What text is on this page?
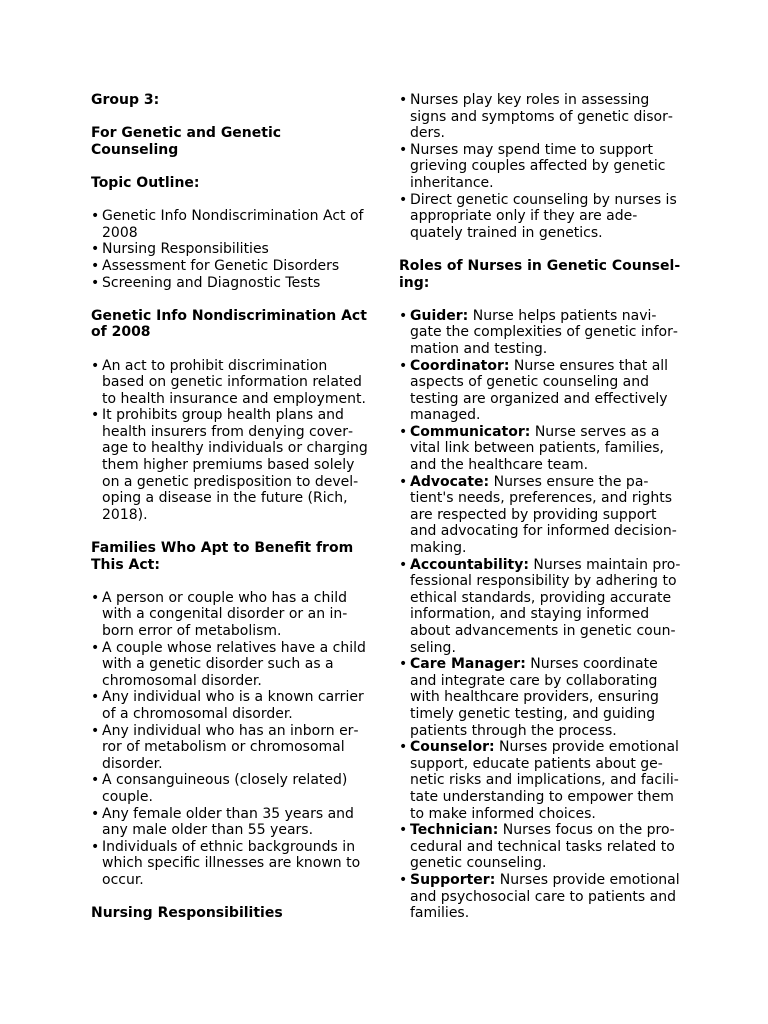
Group 3:
For Genetic and Genetic Counseling
Topic Outline:
• Genetic Info Nondiscrimination Act of 2008
• Nursing Responsibilities
• Assessment for Genetic Disorders
• Screening and Diagnostic Tests
Genetic Info Nondiscrimination Act of 2008
• An act to prohibit discrimination based on genetic information related to health insurance and employment.
• It prohibits group health plans and health insurers from denying coverage to healthy individuals or charging them higher premiums based solely on a genetic predisposition to developing a disease in the future (Rich, 2018).
Families Who Apt to Benefit from This Act:
• A person or couple who has a child with a congenital disorder or an inborn error of metabolism.
• A couple whose relatives have a child with a genetic disorder such as a chromosomal disorder.
• Any individual who is a known carrier of a chromosomal disorder.
• Any individual who has an inborn error of metabolism or chromosomal disorder.
• A consanguineous (closely related) couple.
• Any female older than 35 years and any male older than 55 years.
• Individuals of ethnic backgrounds in which specific illnesses are known to occur.
Nursing Responsibilities
• Nurses play key roles in assessing signs and symptoms of genetic disorders.
• Nurses may spend time to support grieving couples affected by genetic inheritance.
• Direct genetic counseling by nurses is appropriate only if they are adequately trained in genetics.
Roles of Nurses in Genetic Counseling:
• Guider: Nurse helps patients navigate the complexities of genetic information and testing.
• Coordinator: Nurse ensures that all aspects of genetic counseling and testing are organized and effectively managed.
• Communicator: Nurse serves as a vital link between patients, families, and the healthcare team.
• Advocate: Nurses ensure the patient's needs, preferences, and rights are respected by providing support and advocating for informed decision-making.
• Accountability: Nurses maintain professional responsibility by adhering to ethical standards, providing accurate information, and staying informed about advancements in genetic counseling.
• Care Manager: Nurses coordinate and integrate care by collaborating with healthcare providers, ensuring timely genetic testing, and guiding patients through the process.
• Counselor: Nurses provide emotional support, educate patients about genetic risks and implications, and facilitate understanding to empower them to make informed choices.
• Technician: Nurses focus on the procedural and technical tasks related to genetic counseling.
• Supporter: Nurses provide emotional and psychosocial care to patients and families.
